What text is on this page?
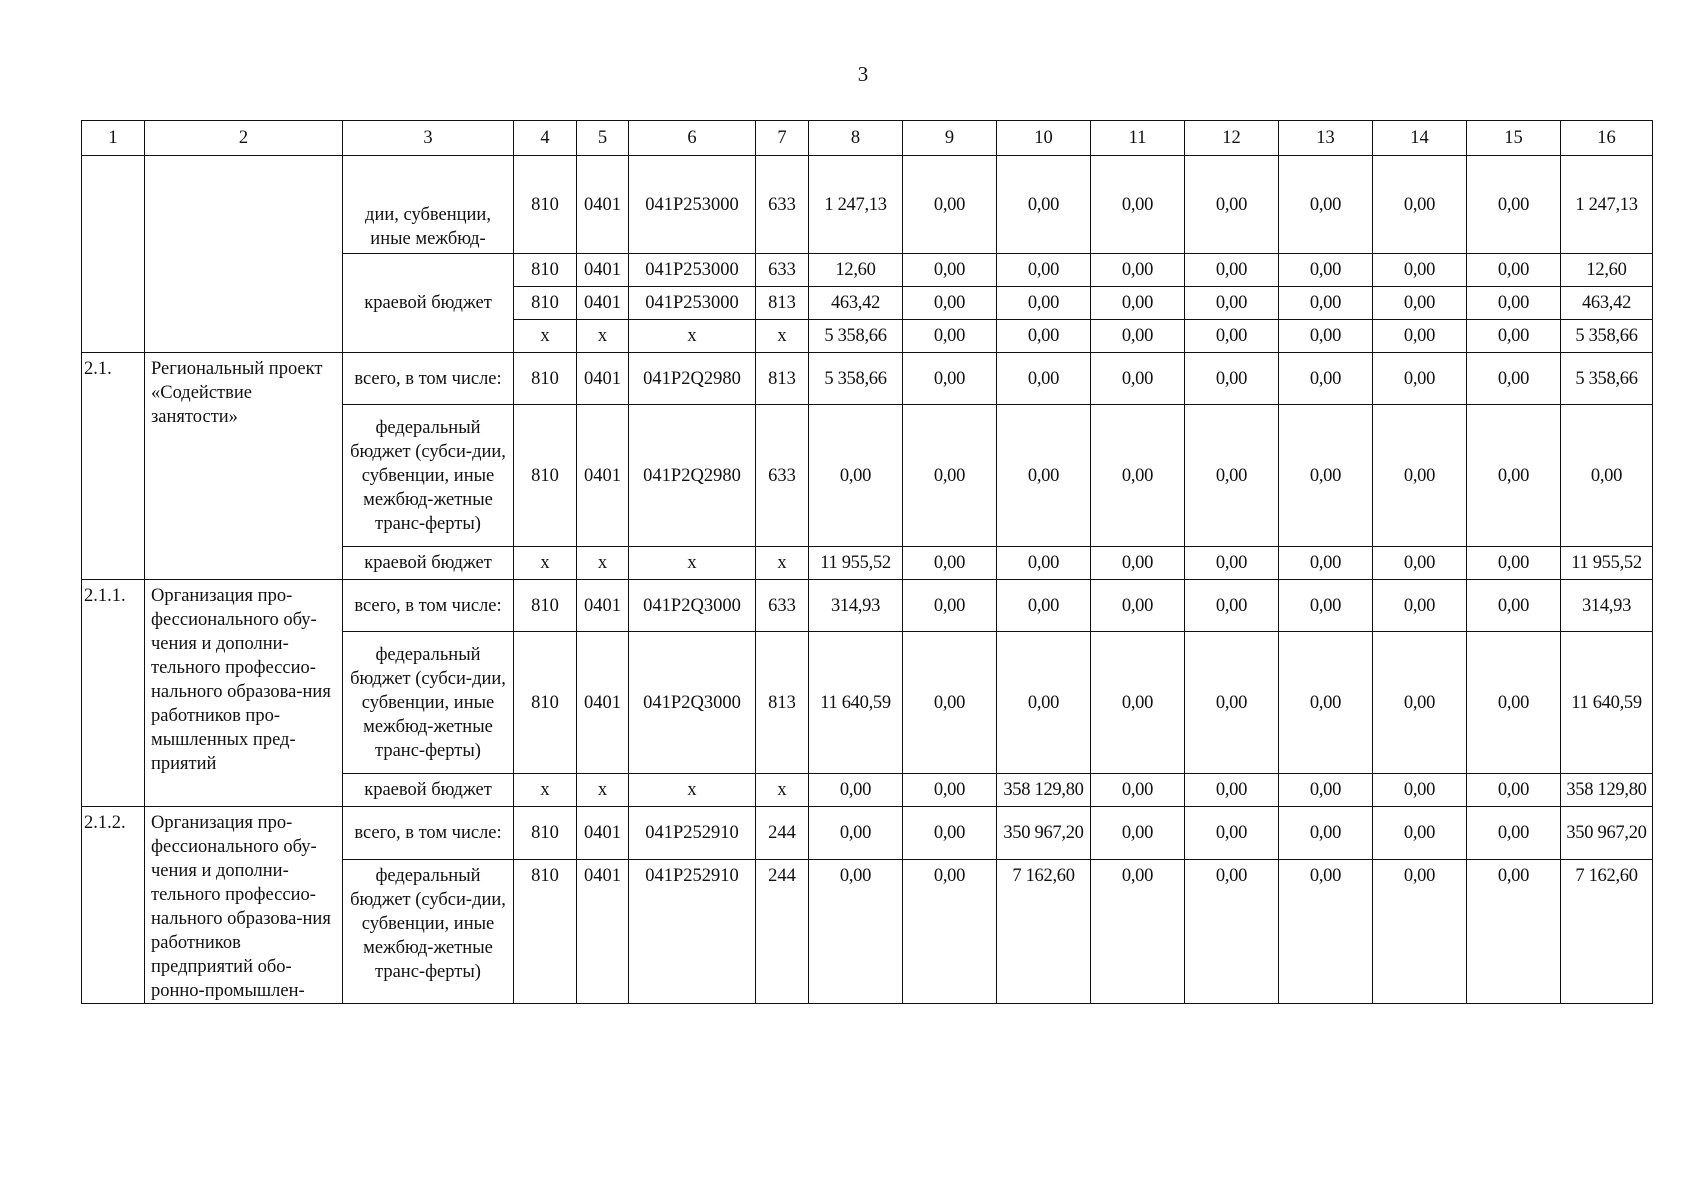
3
1	2	3	4	5	6	7	8	9	10	11	12	13	14	15	16
		дии, субвенции, иные межбюд-	810	0401	041P253000	633	1 247,13	0,00	0,00	0,00	0,00	0,00	0,00	0,00	1 247,13
		краевой бюджет	810	0401	041P253000	633	12,60	0,00	0,00	0,00	0,00	0,00	0,00	0,00	12,60
			810	0401	041P253000	813	463,42	0,00	0,00	0,00	0,00	0,00	0,00	0,00	463,42
			x	x	x	x	5 358,66	0,00	0,00	0,00	0,00	0,00	0,00	0,00	5 358,66
2.1.	Региональный проект «Содействие занятости»	всего, в том числе:	810	0401	041P2Q2980	813	5 358,66	0,00	0,00	0,00	0,00	0,00	0,00	0,00	5 358,66
		федеральный бюджет (субси-дии, субвенции, иные межбюд-жетные транс-ферты)	810	0401	041P2Q2980	633	0,00	0,00	0,00	0,00	0,00	0,00	0,00	0,00	0,00
		краевой бюджет	x	x	x	x	11 955,52	0,00	0,00	0,00	0,00	0,00	0,00	0,00	11 955,52
2.1.1.	Организация про-фессионального обу-чения и дополни-тельного профессио-нального образова-ния работников про-мышленных пред-приятий	всего, в том числе:	810	0401	041P2Q3000	633	314,93	0,00	0,00	0,00	0,00	0,00	0,00	0,00	314,93
		федеральный бюджет (субси-дии, субвенции, иные межбюд-жетные транс-ферты)	810	0401	041P2Q3000	813	11 640,59	0,00	0,00	0,00	0,00	0,00	0,00	0,00	11 640,59
		краевой бюджет	x	x	x	x	0,00	0,00	358 129,80	0,00	0,00	0,00	0,00	0,00	358 129,80
2.1.2.	Организация про-фессионального обу-чения и дополни-тельного профессио-нального образова-ния работников предприятий обо-ронно-промышлен-	всего, в том числе:	810	0401	041P252910	244	0,00	0,00	350 967,20	0,00	0,00	0,00	0,00	0,00	350 967,20
		федеральный бюджет (субси-дии, субвенции, иные межбюд-жетные транс-ферты)	810	0401	041P252910	244	0,00	0,00	7 162,60	0,00	0,00	0,00	0,00	0,00	7 162,60
